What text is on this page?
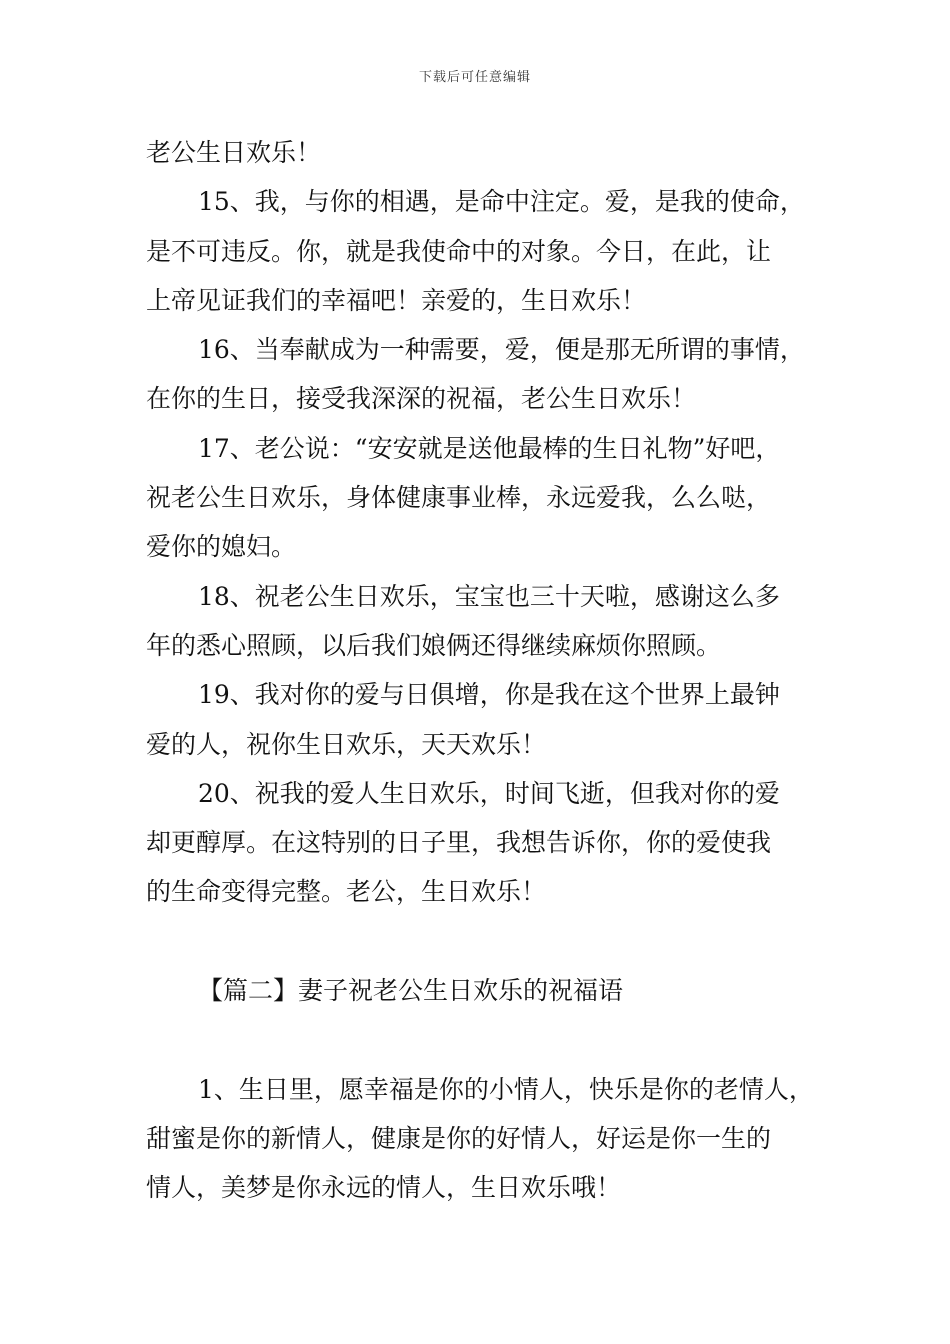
下载后可任意编辑

老公生日欢乐！

15、我，与你的相遇，是命中注定。爱，是我的使命，

是不可违反。你，就是我使命中的对象。今日，在此，让

上帝见证我们的幸福吧！亲爱的，生日欢乐！

16、当奉献成为一种需要，爱，便是那无所谓的事情，

在你的生日，接受我深深的祝福，老公生日欢乐！

17、老公说：“安安就是送他最棒的生日礼物”好吧，

祝老公生日欢乐，身体健康事业棒，永远爱我，么么哒，

爱你的媳妇。

18、祝老公生日欢乐，宝宝也三十天啦，感谢这么多

年的悉心照顾，以后我们娘俩还得继续麻烦你照顾。

19、我对你的爱与日俱增，你是我在这个世界上最钟

爱的人，祝你生日欢乐，天天欢乐！

20、祝我的爱人生日欢乐，时间飞逝，但我对你的爱

却更醇厚。在这特别的日子里，我想告诉你，你的爱使我

的生命变得完整。老公，生日欢乐！

【篇二】妻子祝老公生日欢乐的祝福语

1、生日里，愿幸福是你的小情人，快乐是你的老情人，

甜蜜是你的新情人，健康是你的好情人，好运是你一生的

情人，美梦是你永远的情人，生日欢乐哦！
